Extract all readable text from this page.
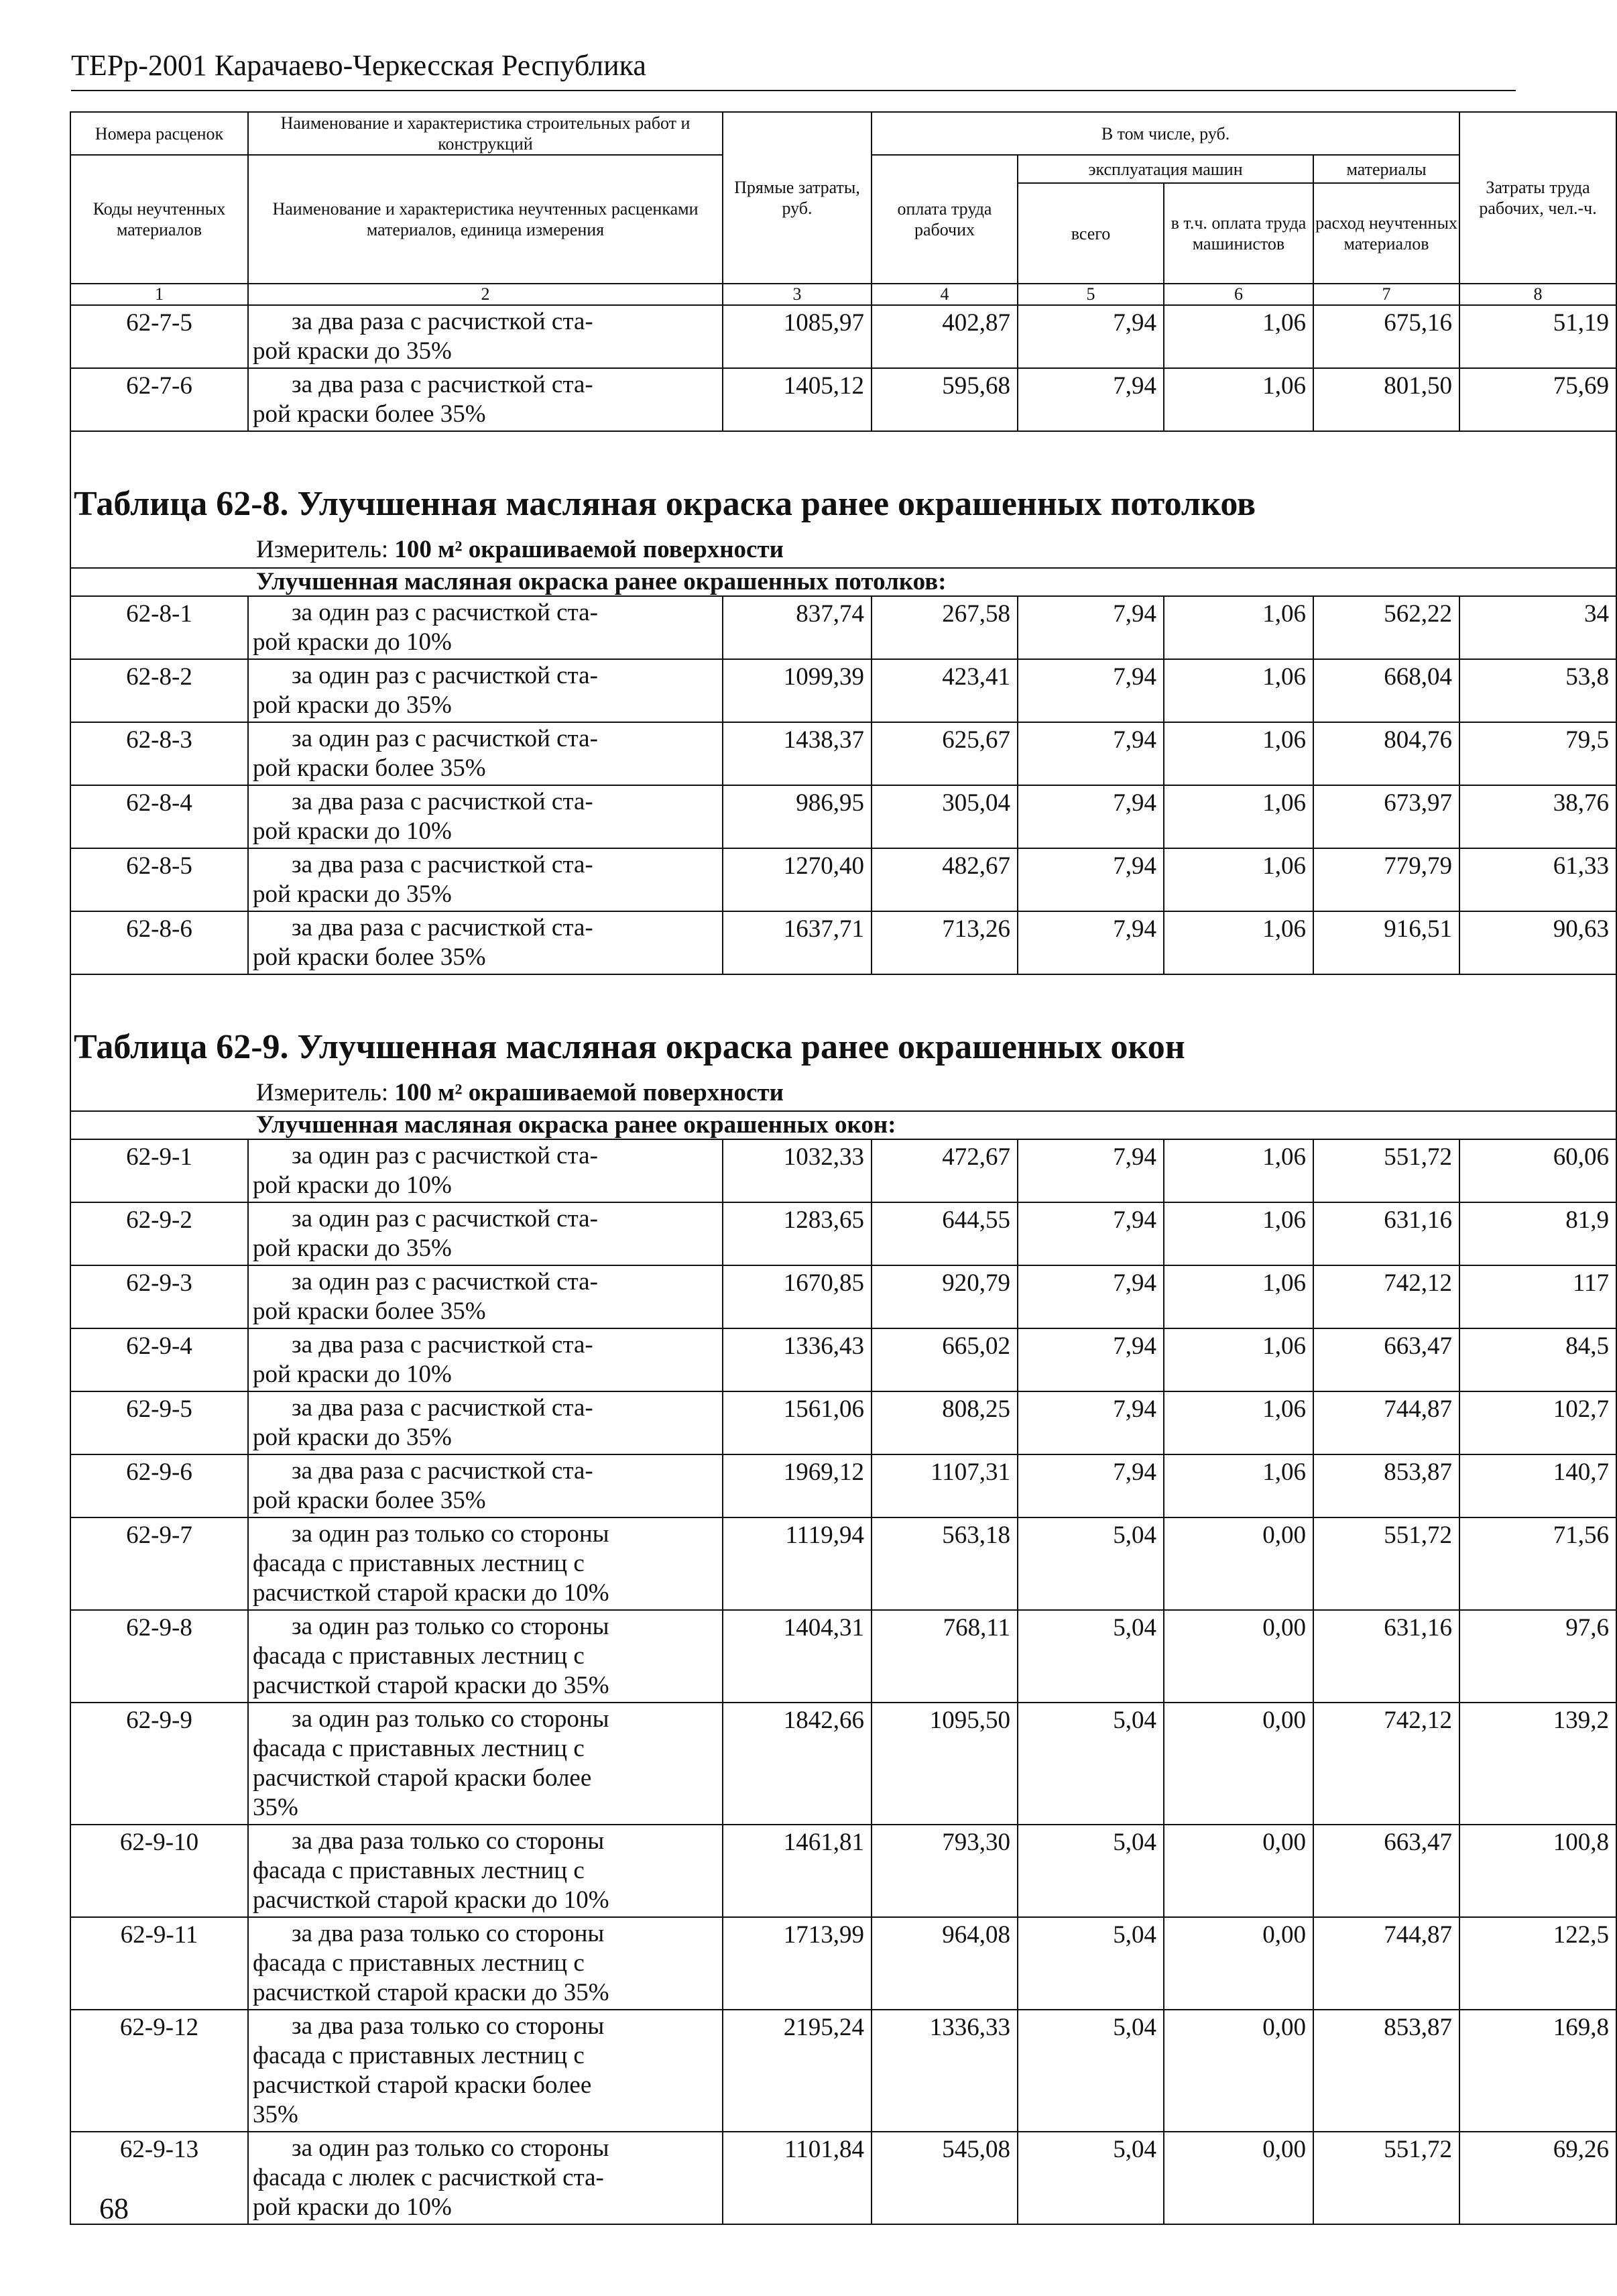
ТЕРр-2001 Карачаево-Черкесская Республика
Номера расценок	Наименование и характеристика строительных работ и конструкций	Прямые затраты, руб.	В том числе, руб.				Затраты труда рабочих, чел.-ч.
Коды неучтенных материалов	Наименование и характеристика неучтенных расценками материалов, единица измерения		оплата труда рабочих	эксплуатация машин		материалы	
				всего	в т.ч. оплата труда машинистов	расход неучтенных материалов	

1	2	3	4	5	6	7	8
62-7-5	за два раза с расчисткой ста-
рой краски до 35%	1085,97	402,87	7,94	1,06	675,16	51,19
62-7-6	за два раза с расчисткой ста-
рой краски более 35%	1405,12	595,68	7,94	1,06	801,50	75,69

Таблица 62-8. Улучшенная масляная окраска ранее окрашенных потолков							
Измеритель: 100 м² окрашиваемой поверхности							
Улучшенная масляная окраска ранее окрашенных потолков:							
62-8-1	за один раз с расчисткой ста-
рой краски до 10%	837,74	267,58	7,94	1,06	562,22	34
62-8-2	за один раз с расчисткой ста-
рой краски до 35%	1099,39	423,41	7,94	1,06	668,04	53,8
62-8-3	за один раз с расчисткой ста-
рой краски более 35%	1438,37	625,67	7,94	1,06	804,76	79,5
62-8-4	за два раза с расчисткой ста-
рой краски до 10%	986,95	305,04	7,94	1,06	673,97	38,76
62-8-5	за два раза с расчисткой ста-
рой краски до 35%	1270,40	482,67	7,94	1,06	779,79	61,33
62-8-6	за два раза с расчисткой ста-
рой краски более 35%	1637,71	713,26	7,94	1,06	916,51	90,63

Таблица 62-9. Улучшенная масляная окраска ранее окрашенных окон							
Измеритель: 100 м² окрашиваемой поверхности							
Улучшенная масляная окраска ранее окрашенных окон:							
62-9-1	за один раз с расчисткой ста-
рой краски до 10%	1032,33	472,67	7,94	1,06	551,72	60,06
62-9-2	за один раз с расчисткой ста-
рой краски до 35%	1283,65	644,55	7,94	1,06	631,16	81,9
62-9-3	за один раз с расчисткой ста-
рой краски более 35%	1670,85	920,79	7,94	1,06	742,12	117
62-9-4	за два раза с расчисткой ста-
рой краски до 10%	1336,43	665,02	7,94	1,06	663,47	84,5
62-9-5	за два раза с расчисткой ста-
рой краски до 35%	1561,06	808,25	7,94	1,06	744,87	102,7
62-9-6	за два раза с расчисткой ста-
рой краски более 35%	1969,12	1107,31	7,94	1,06	853,87	140,7
62-9-7	за один раз только со стороны
фасада с приставных лестниц с
расчисткой старой краски до 10%	1119,94	563,18	5,04	0,00	551,72	71,56
62-9-8	за один раз только со стороны
фасада с приставных лестниц с
расчисткой старой краски до 35%	1404,31	768,11	5,04	0,00	631,16	97,6
62-9-9	за один раз только со стороны
фасада с приставных лестниц с
расчисткой старой краски более
35%	1842,66	1095,50	5,04	0,00	742,12	139,2
62-9-10	за два раза только со стороны
фасада с приставных лестниц с
расчисткой старой краски до 10%	1461,81	793,30	5,04	0,00	663,47	100,8
62-9-11	за два раза только со стороны
фасада с приставных лестниц с
расчисткой старой краски до 35%	1713,99	964,08	5,04	0,00	744,87	122,5
62-9-12	за два раза только со стороны
фасада с приставных лестниц с
расчисткой старой краски более
35%	2195,24	1336,33	5,04	0,00	853,87	169,8
62-9-13	за один раз только со стороны
фасада с люлек с расчисткой ста-
рой краски до 10%	1101,84	545,08	5,04	0,00	551,72	69,26
68
